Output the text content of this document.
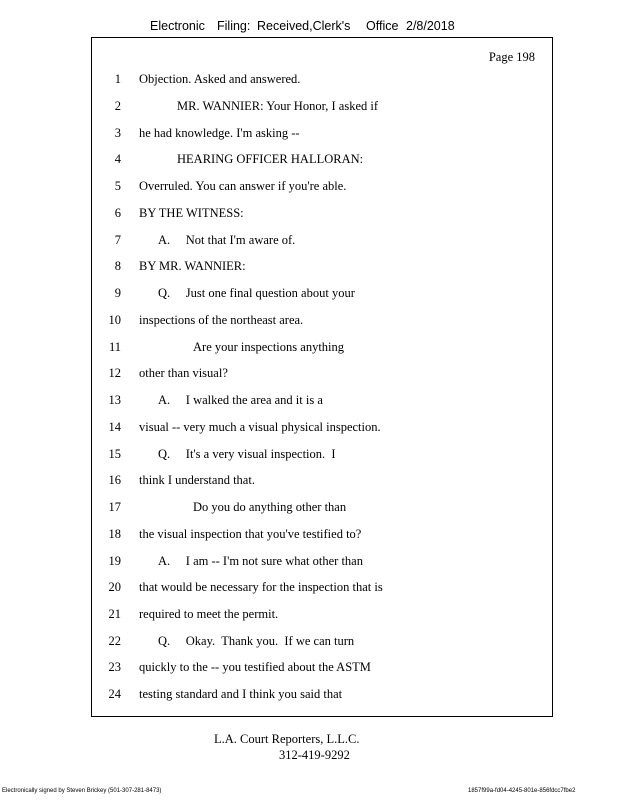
Electronic Filing: Received,Clerk's Office 2/8/2018
Page 198
1 Objection. Asked and answered.
2	MR. WANNIER: Your Honor, I asked if
3 he had knowledge. I'm asking --
4	HEARING OFFICER HALLORAN:
5 Overruled. You can answer if you're able.
6 BY THE WITNESS:
7	A.     Not that I'm aware of.
8 BY MR. WANNIER:
9	Q.     Just one final question about your
10 inspections of the northeast area.
11	Are your inspections anything
12 other than visual?
13	A.     I walked the area and it is a
14 visual -- very much a visual physical inspection.
15	Q.     It's a very visual inspection.  I
16 think I understand that.
17	Do you do anything other than
18 the visual inspection that you've testified to?
19	A.     I am -- I'm not sure what other than
20 that would be necessary for the inspection that is
21 required to meet the permit.
22	Q.     Okay.  Thank you.  If we can turn
23 quickly to the -- you testified about the ASTM
24 testing standard and I think you said that
L.A. Court Reporters, L.L.C.
312-419-9292
Electronically signed by Steven Brickey (501-307-281-8473)	1857f99a-fd04-4245-801e-856fdcc7fbe2
